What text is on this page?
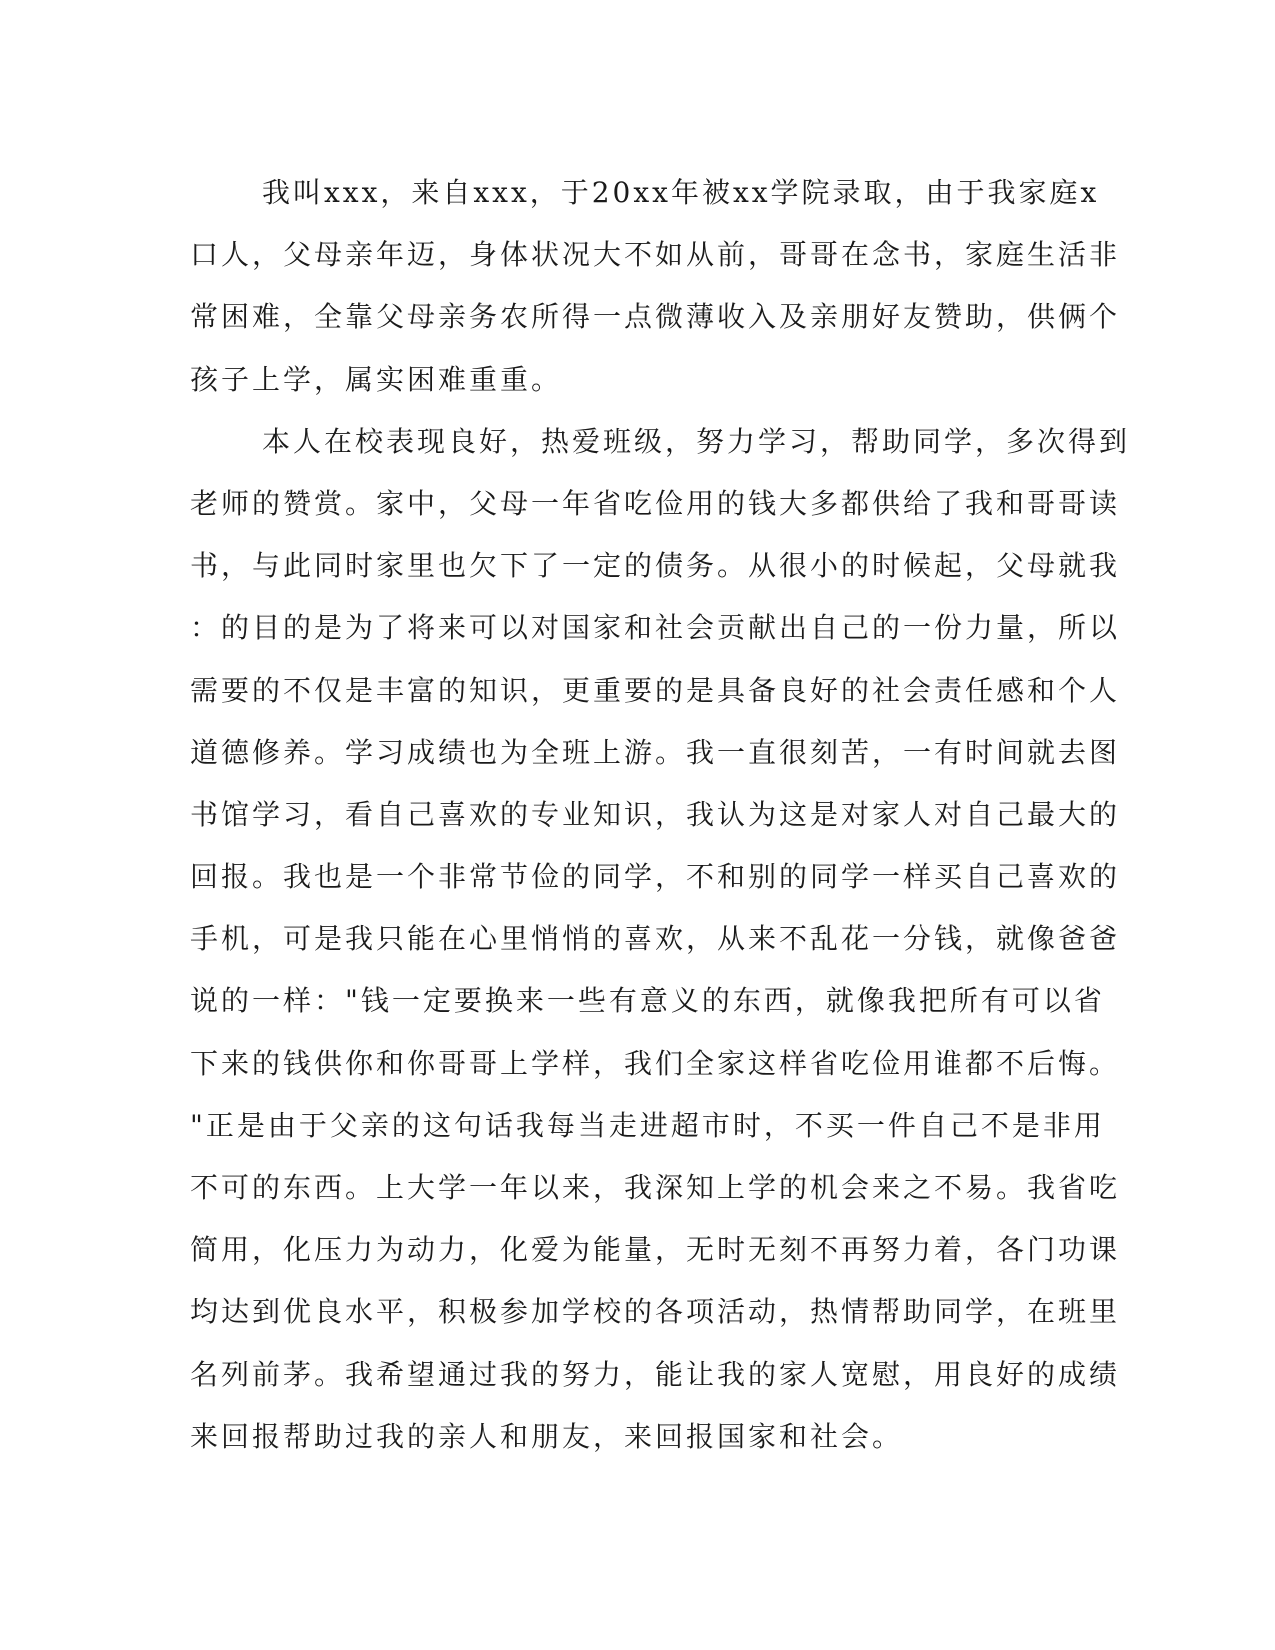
我叫xxx，来自xxx，于20xx年被xx学院录取，由于我家庭x

口人，父母亲年迈，身体状况大不如从前，哥哥在念书，家庭生活非

常困难，全靠父母亲务农所得一点微薄收入及亲朋好友赞助，供俩个

孩子上学，属实困难重重。

本人在校表现良好，热爱班级，努力学习，帮助同学，多次得到

老师的赞赏。家中，父母一年省吃俭用的钱大多都供给了我和哥哥读

书，与此同时家里也欠下了一定的债务。从很小的时候起，父母就我

：的目的是为了将来可以对国家和社会贡献出自己的一份力量，所以

需要的不仅是丰富的知识，更重要的是具备良好的社会责任感和个人

道德修养。学习成绩也为全班上游。我一直很刻苦，一有时间就去图

书馆学习，看自己喜欢的专业知识，我认为这是对家人对自己最大的

回报。我也是一个非常节俭的同学，不和别的同学一样买自己喜欢的

手机，可是我只能在心里悄悄的喜欢，从来不乱花一分钱，就像爸爸

说的一样："钱一定要换来一些有意义的东西，就像我把所有可以省

下来的钱供你和你哥哥上学样，我们全家这样省吃俭用谁都不后悔。

"正是由于父亲的这句话我每当走进超市时，不买一件自己不是非用

不可的东西。上大学一年以来，我深知上学的机会来之不易。我省吃

简用，化压力为动力，化爱为能量，无时无刻不再努力着，各门功课

均达到优良水平，积极参加学校的各项活动，热情帮助同学，在班里

名列前茅。我希望通过我的努力，能让我的家人宽慰，用良好的成绩

来回报帮助过我的亲人和朋友，来回报国家和社会。
